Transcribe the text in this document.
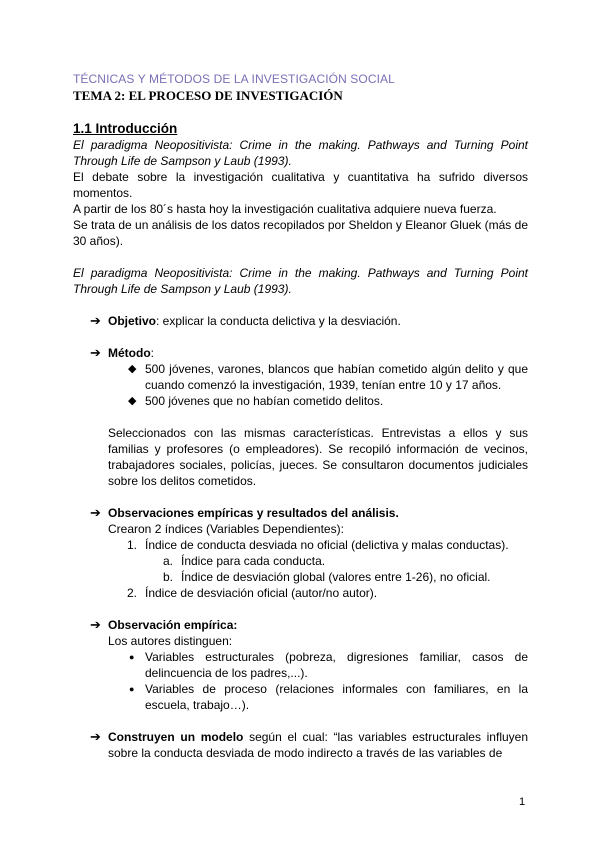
TÉCNICAS Y MÉTODOS DE LA INVESTIGACIÓN SOCIAL
TEMA 2: EL PROCESO DE INVESTIGACIÓN
1.1 Introducción
El paradigma Neopositivista: Crime in the making. Pathways and Turning Point Through Life de Sampson y Laub (1993).
El debate sobre la investigación cualitativa y cuantitativa ha sufrido diversos momentos.
A partir de los 80´s hasta hoy la investigación cualitativa adquiere nueva fuerza.
Se trata de un análisis de los datos recopilados por Sheldon y Eleanor Gluek (más de 30 años).
El paradigma Neopositivista: Crime in the making. Pathways and Turning Point Through Life de Sampson y Laub (1993).
➔ Objetivo: explicar la conducta delictiva y la desviación.
➔ Método:
◆ 500 jóvenes, varones, blancos que habían cometido algún delito y que cuando comenzó la investigación, 1939, tenían entre 10 y 17 años.
◆ 500 jóvenes que no habían cometido delitos.
Seleccionados con las mismas características. Entrevistas a ellos y sus familias y profesores (o empleadores). Se recopiló información de vecinos, trabajadores sociales, policías, jueces. Se consultaron documentos judiciales sobre los delitos cometidos.
➔ Observaciones empíricas y resultados del análisis.
Crearon 2 índices (Variables Dependientes):
1. Índice de conducta desviada no oficial (delictiva y malas conductas).
a. Índice para cada conducta.
b. Índice de desviación global (valores entre 1-26), no oficial.
2. Índice de desviación oficial (autor/no autor).
➔ Observación empírica:
Los autores distinguen:
● Variables estructurales (pobreza, digresiones familiar, casos de delincuencia de los padres,...).
● Variables de proceso (relaciones informales con familiares, en la escuela, trabajo…).
➔ Construyen un modelo según el cual: “las variables estructurales influyen sobre la conducta desviada de modo indirecto a través de las variables de
1
